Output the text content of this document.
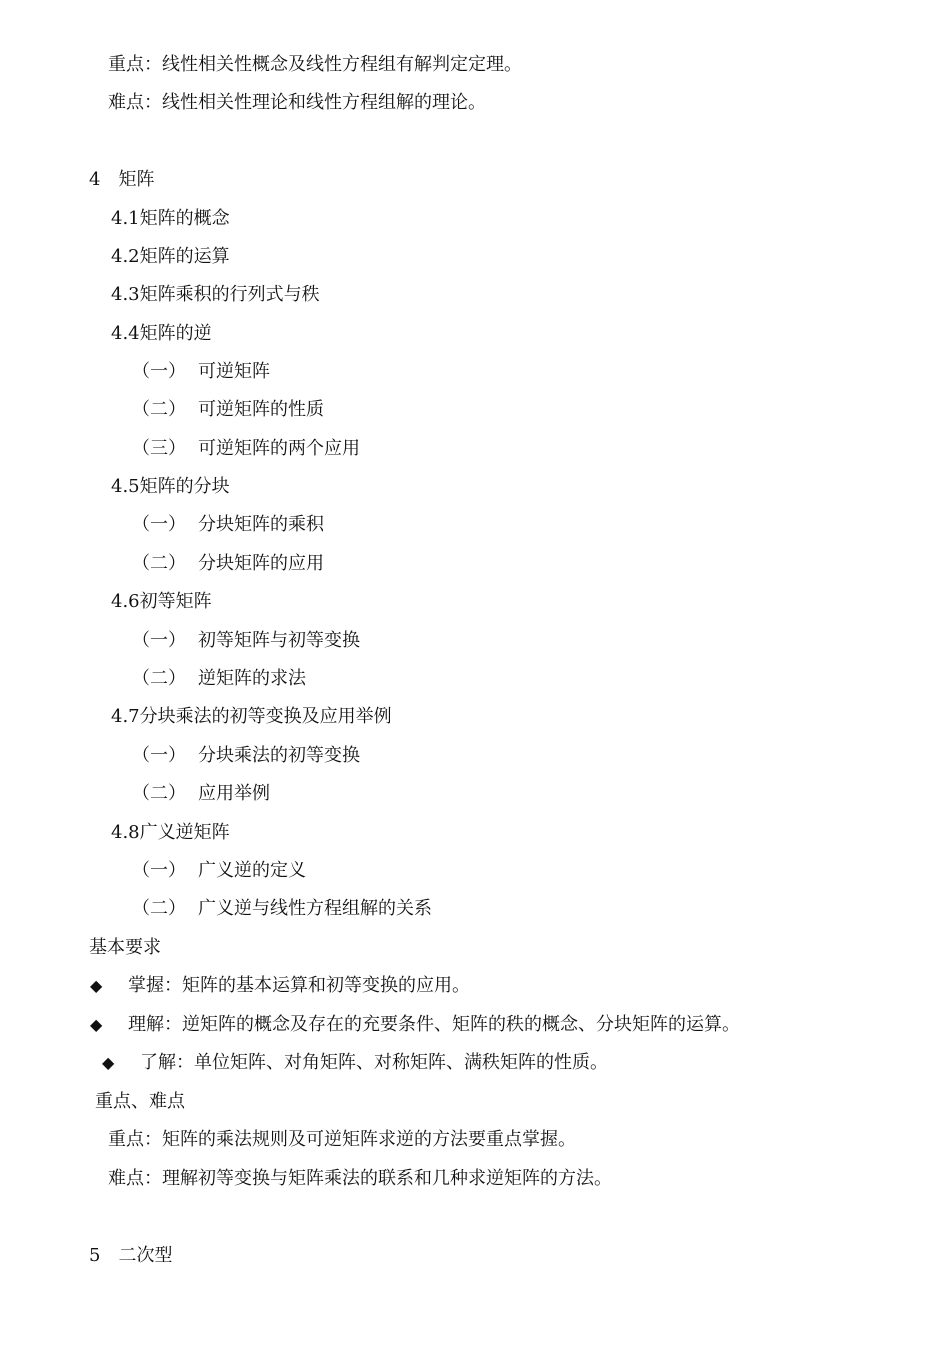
重点：线性相关性概念及线性方程组有解判定定理。
难点：线性相关性理论和线性方程组解的理论。
4　矩阵
4.1矩阵的概念
4.2矩阵的运算
4.3矩阵乘积的行列式与秩
4.4矩阵的逆
（一） 可逆矩阵
（二） 可逆矩阵的性质
（三） 可逆矩阵的两个应用
4.5矩阵的分块
（一） 分块矩阵的乘积
（二） 分块矩阵的应用
4.6初等矩阵
（一） 初等矩阵与初等变换
（二） 逆矩阵的求法
4.7分块乘法的初等变换及应用举例
（一） 分块乘法的初等变换
（二） 应用举例
4.8广义逆矩阵
（一） 广义逆的定义
（二） 广义逆与线性方程组解的关系
基本要求
◆ 掌握：矩阵的基本运算和初等变换的应用。
◆ 理解：逆矩阵的概念及存在的充要条件、矩阵的秩的概念、分块矩阵的运算。
◆ 了解：单位矩阵、对角矩阵、对称矩阵、满秩矩阵的性质。
重点、难点
重点：矩阵的乘法规则及可逆矩阵求逆的方法要重点掌握。
难点：理解初等变换与矩阵乘法的联系和几种求逆矩阵的方法。
5　二次型
